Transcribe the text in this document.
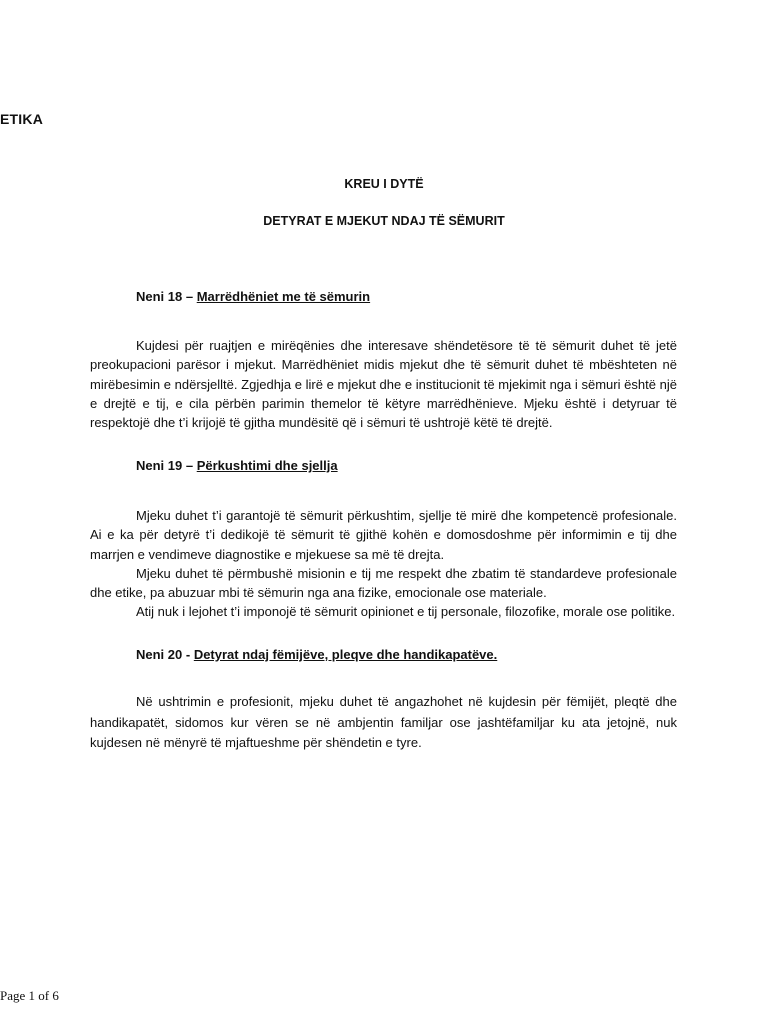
ETIKA
KREU I DYTË
DETYRAT E MJEKUT NDAJ TË SËMURIT
Neni 18 – Marrëdhëniet me të sëmurin
Kujdesi për ruajtjen e mirëqënies dhe interesave shëndetësore të të sëmurit duhet të jetë preokupacioni parësor i mjekut. Marrëdhëniet midis mjekut dhe të sëmurit duhet të mbështeten në mirëbesimin e ndërsjelltë. Zgjedhja e lirë e mjekut dhe e institucionit të mjekimit nga i sëmuri është një e drejtë e tij, e cila përbën parimin themelor të këtyre marrëdhënieve. Mjeku është i detyruar të respektojë dhe t’i krijojë të gjitha mundësitë që i sëmuri të ushtrojë këtë të drejtë.
Neni 19 – Përkushtimi dhe sjellja
Mjeku duhet t’i garantojë të sëmurit përkushtim, sjellje të mirë dhe kompetencë profesionale. Ai e ka për detyrë t’i dedikojë të sëmurit të gjithë kohën e domosdoshme për informimin e tij dhe marrjen e vendimeve diagnostike e mjekuese sa më të drejta.
Mjeku duhet të përmbushë misionin e tij me respekt dhe zbatim të standardeve profesionale dhe etike, pa abuzuar mbi të sëmurin nga ana fizike, emocionale ose materiale.
Atij nuk i lejohet t’i imponojë të sëmurit opinionet e tij personale, filozofike, morale ose politike.
Neni 20 - Detyrat ndaj fëmijëve, pleqve dhe handikapatëve.
Në ushtrimin e profesionit, mjeku duhet të angazhohet në kujdesin për fëmijët, pleqtë dhe handikapatët, sidomos kur vëren se në ambjentin familjar ose jashtëfamiljar ku ata jetojnë, nuk kujdesen në mënyrë të mjaftueshme për shëndetin e tyre.
Page 1 of 6
